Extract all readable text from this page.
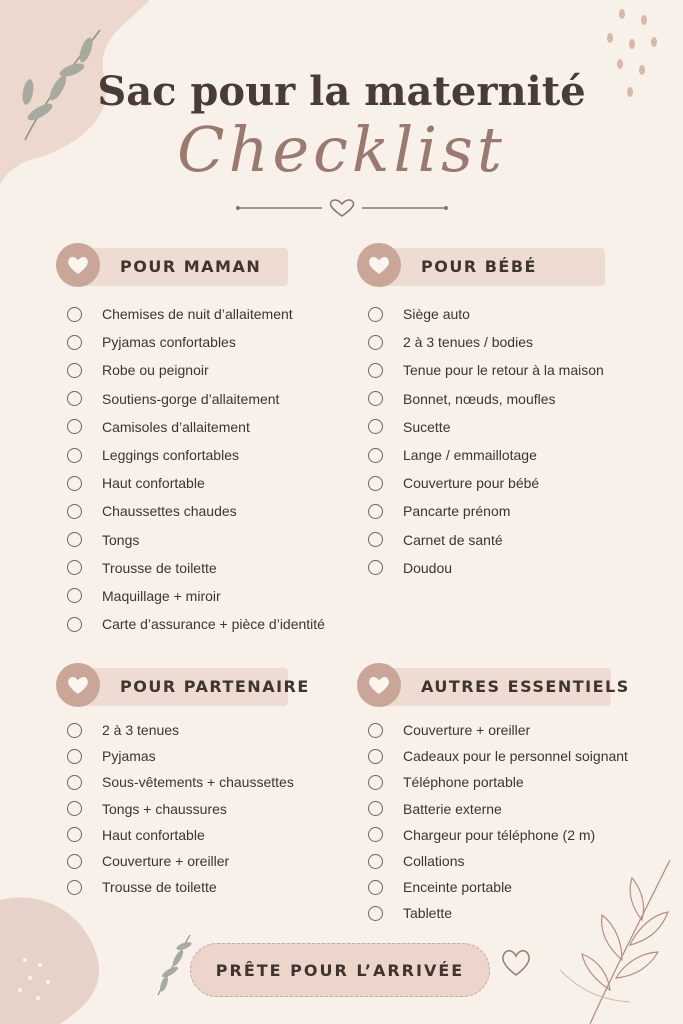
Sac pour la maternité
Checklist
POUR MAMAN
Chemises de nuit d’allaitement
Pyjamas confortables
Robe ou peignoir
Soutiens-gorge d’allaitement
Camisoles d’allaitement
Leggings confortables
Haut confortable
Chaussettes chaudes
Tongs
Trousse de toilette
Maquillage + miroir
Carte d’assurance + pièce d’identité
POUR BÉBÉ
Siège auto
2 à 3 tenues / bodies
Tenue pour le retour à la maison
Bonnet, nœuds, moufles
Sucette
Lange / emmaillotage
Couverture pour bébé
Pancarte prénom
Carnet de santé
Doudou
POUR PARTENAIRE
2 à 3 tenues
Pyjamas
Sous-vêtements + chaussettes
Tongs + chaussures
Haut confortable
Couverture + oreiller
Trousse de toilette
AUTRES ESSENTIELS
Couverture + oreiller
Cadeaux pour le personnel soignant
Téléphone portable
Batterie externe
Chargeur pour téléphone (2 m)
Collations
Enceinte portable
Tablette
PRÊTE POUR L’ARRIVÉE
